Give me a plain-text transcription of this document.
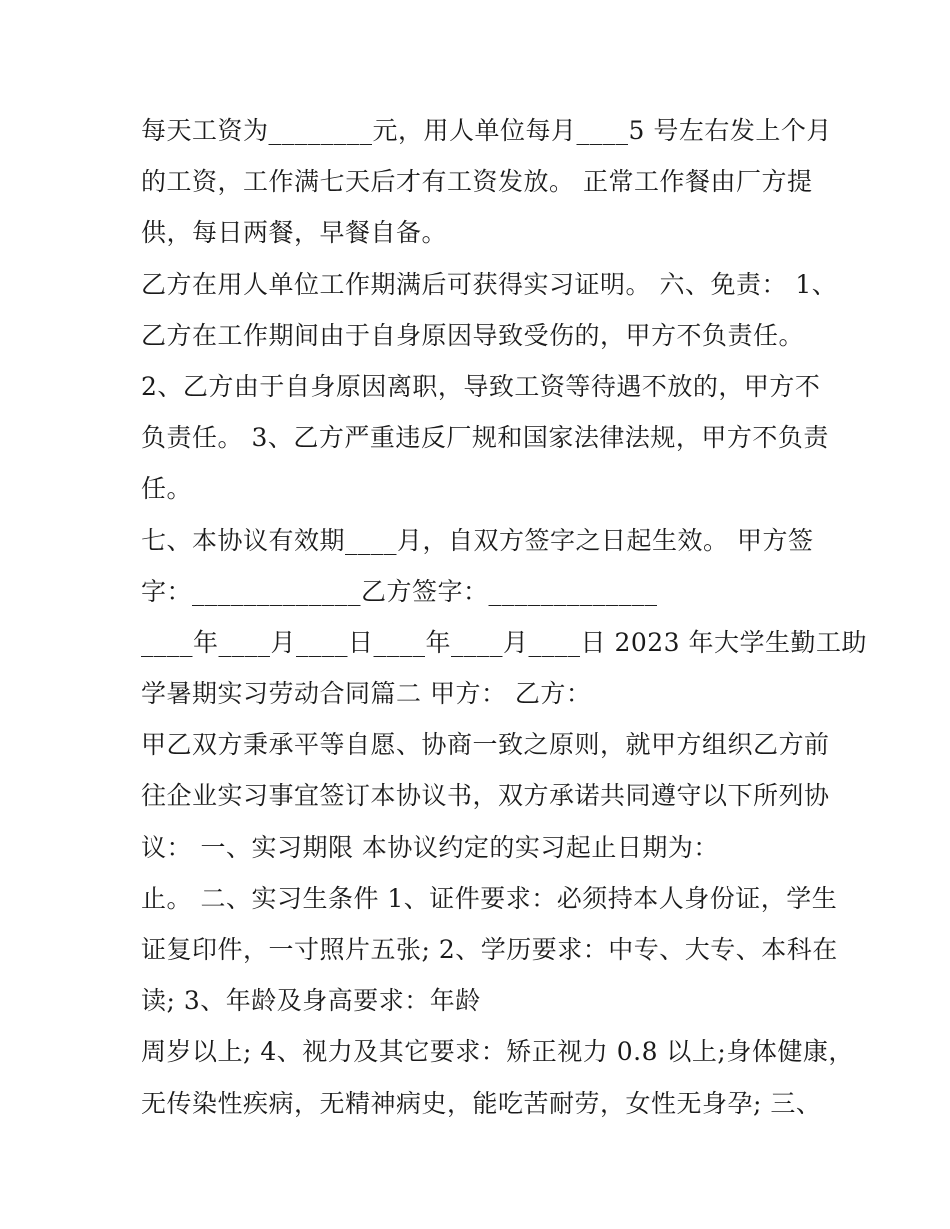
每天工资为________元，用人单位每月____5 号左右发上个月
的工资，工作满七天后才有工资发放。 正常工作餐由厂方提
供，每日两餐，早餐自备。
乙方在用人单位工作期满后可获得实习证明。 六、免责： 1、
乙方在工作期间由于自身原因导致受伤的，甲方不负责任。
2、乙方由于自身原因离职，导致工资等待遇不放的，甲方不
负责任。 3、乙方严重违反厂规和国家法律法规，甲方不负责
任。
七、本协议有效期____月，自双方签字之日起生效。 甲方签
字：_____________乙方签字：_____________
____年____月____日____年____月____日 2023 年大学生勤工助
学暑期实习劳动合同篇二 甲方： 乙方：
甲乙双方秉承平等自愿、协商一致之原则，就甲方组织乙方前
往企业实习事宜签订本协议书，双方承诺共同遵守以下所列协
议： 一、实习期限 本协议约定的实习起止日期为：
止。 二、实习生条件 1、证件要求：必须持本人身份证，学生
证复印件，一寸照片五张; 2、学历要求：中专、大专、本科在
读; 3、年龄及身高要求：年龄
周岁以上; 4、视力及其它要求：矫正视力 0.8 以上;身体健康，
无传染性疾病，无精神病史，能吃苦耐劳，女性无身孕; 三、
